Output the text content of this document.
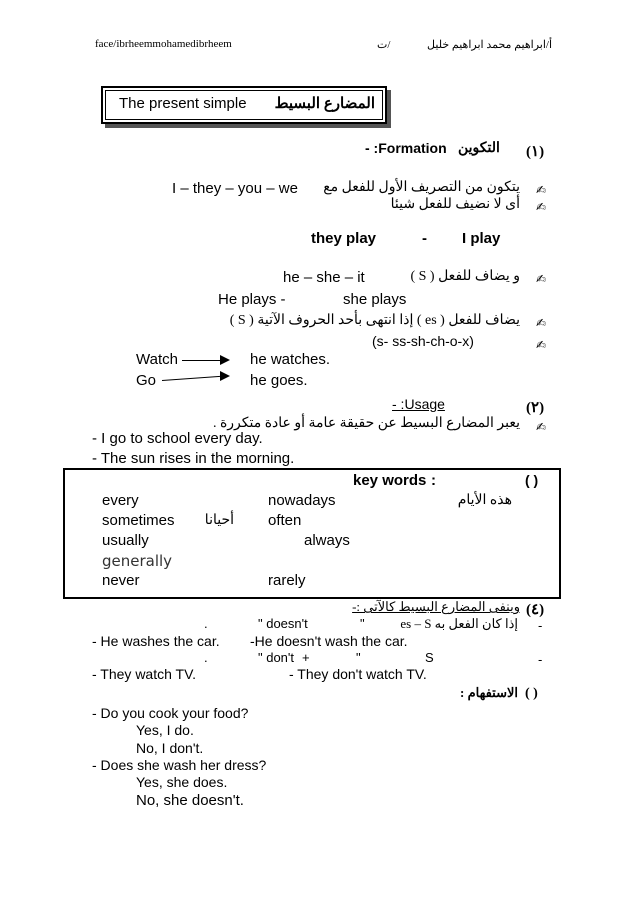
face/ibrheemmohamedibrheem	ت/	أ/ابراهيم محمد ابراهيم خليل
The present simple المضارع البسيط
(١)
التكوين
Formation: -
✍
يتكون من التصريف الأول للفعل مع
I – they – you – we
✍
أى لا نضيف للفعل شيئا
they play	- I play
✍
و يضاف للفعل ( S )
he – she – it
He plays -	she plays
✍
يضاف للفعل ( es ) إذا انتهى بأحد الحروف الآتية ( S )
✍
(s- ss-sh-ch-o-x)
Watch	he watches.
Go	he goes.
(٢)
Usage: -
✍
يعبر المضارع البسيط عن حقيقة عامة أو عادة متكررة .
- I go to school every day.
- The sun rises in the morning.
key words :	( )
every	nowadays	هذه الأيام
sometimes	أحيانا often
usually	always
generally
never	rarely
(٤)
وينفى المضارع البسيط كالآتى :-
-
إذا كان الفعل به es – S
"
" doesn't
.
- He washes the car. -He doesn't wash the car.
-
S
"
+
" don't
.
- They watch TV.	- They don't watch TV.
( )
الاستفهام :
- Do you cook your food?
Yes, I do.
No, I don't.
- Does she wash her dress?
Yes, she does.
No, she doesn't.
